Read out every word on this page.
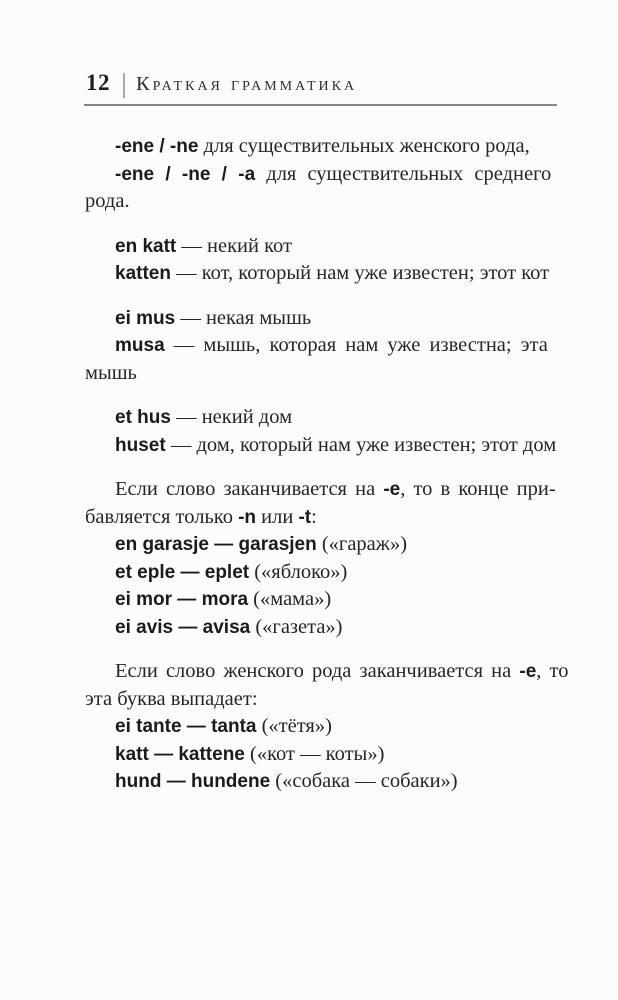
12 Краткая грамматика
-ene / -ne для существительных женского рода,
-ene / -ne / -a для существительных среднего
рода.
en katt — некий кот
katten — кот, который нам уже известен; этот кот
ei mus — некая мышь
musa — мышь, которая нам уже известна; эта
мышь
et hus — некий дом
huset — дом, который нам уже известен; этот дом
Если слово заканчивается на -e, то в конце при-
бавляется только -n или -t:
en garasje — garasjen («гараж»)
et eple — eplet («яблоко»)
ei mor — mora («мама»)
ei avis — avisa («газета»)
Если слово женского рода заканчивается на -e, то
эта буква выпадает:
ei tante — tanta («тётя»)
katt — kattene («кот — коты»)
hund — hundene («собака — собаки»)
